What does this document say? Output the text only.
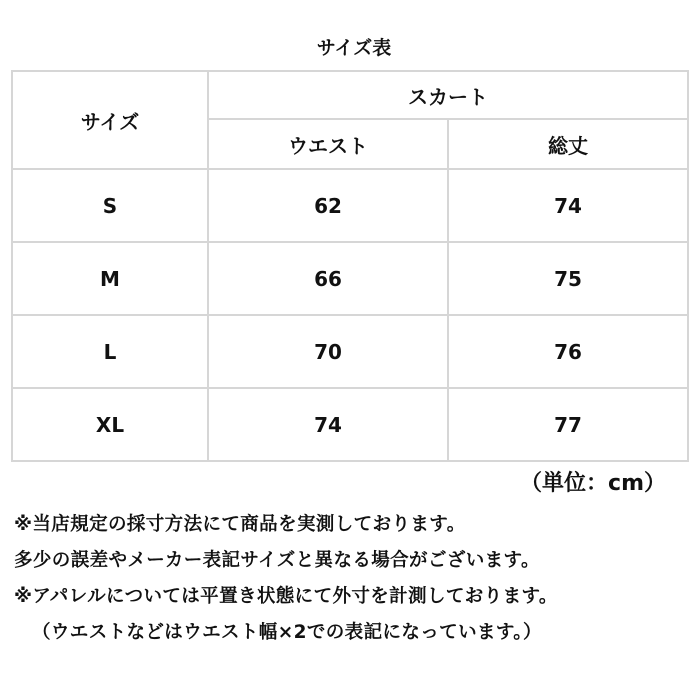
サイズ表
サイズ	スカート	
	ウエスト	総丈
S	62	74
M	66	75
L	70	76
XL	74	77
（単位：cm）
※当店規定の採寸方法にて商品を実測しております。
多少の誤差やメーカー表記サイズと異なる場合がございます。
※アパレルについては平置き状態にて外寸を計測しております。
（ウエストなどはウエスト幅×2での表記になっています。）
